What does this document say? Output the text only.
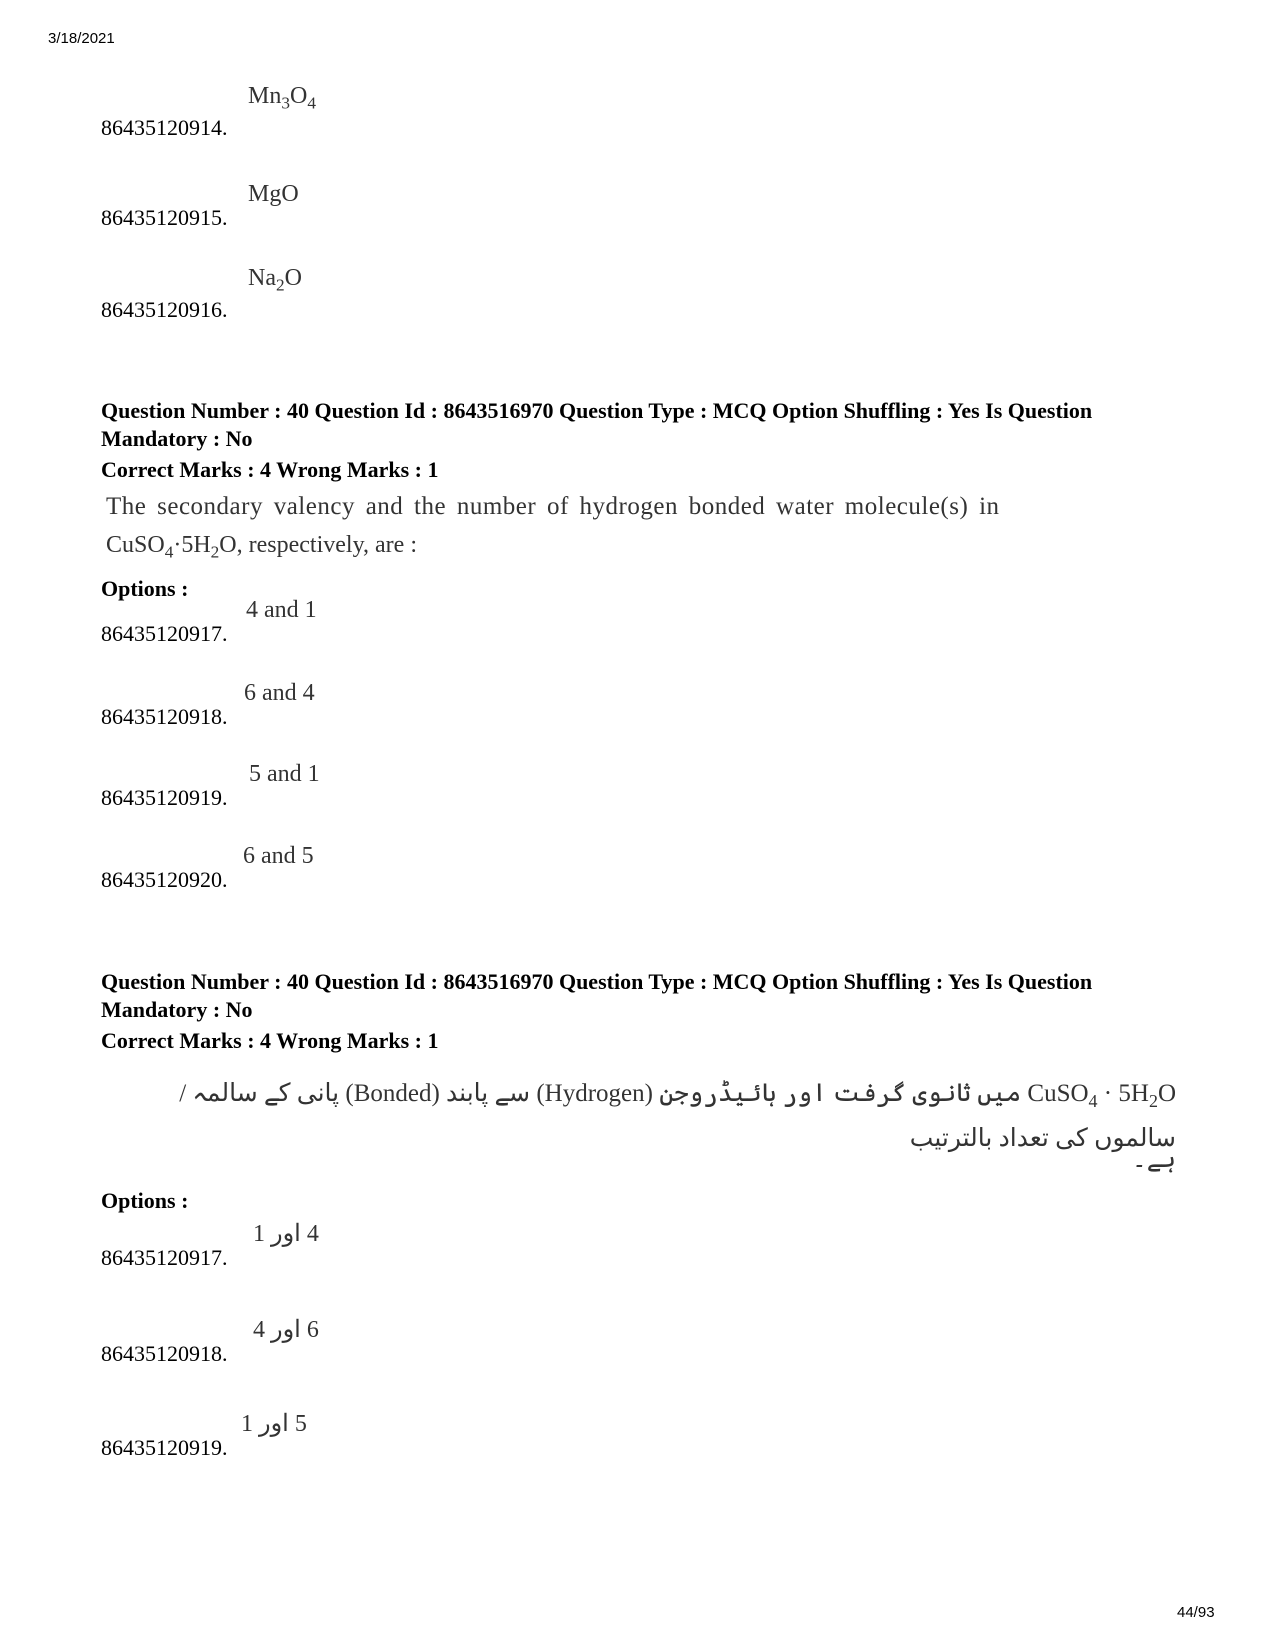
3/18/2021
86435120914.
$Mn_3O_4$
86435120915.
MgO
86435120916.
$Na_2O$
Question Number : 40 Question Id : 8643516970 Question Type : MCQ Option Shuffling : Yes Is Question Mandatory : No
Correct Marks : 4 Wrong Marks : 1
The secondary valency and the number of hydrogen bonded water molecule(s) in
$CuSO_4\cdot 5H_2O$, respectively, are :
Options :
86435120917.
4 and 1
86435120918.
6 and 4
86435120919.
5 and 1
86435120920.
6 and 5
Question Number : 40 Question Id : 8643516970 Question Type : MCQ Option Shuffling : Yes Is Question Mandatory : No
Correct Marks : 4 Wrong Marks : 1
CuSO$_4$ · $5H_2O$ میں ثانوی گرفت اور ہائیڈروجن (Hydrogen) سے پابند (Bonded) پانی کے سالمہ / سالموں کی تعداد بالترتیب
ہے۔
Options :
86435120917.
4 اور 1
86435120918.
6 اور 4
86435120919.
5 اور 1
44/93
